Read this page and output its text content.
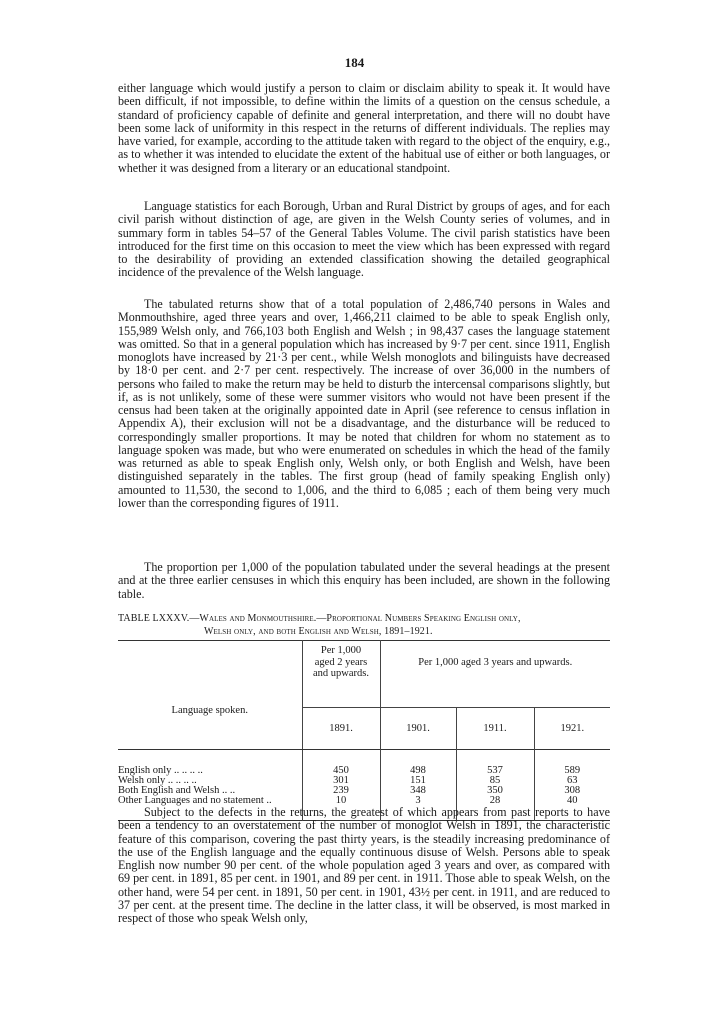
184

either language which would justify a person to claim or disclaim ability to speak it. It would have been difficult, if not impossible, to define within the limits of a question on the census schedule, a standard of proficiency capable of definite and general interpretation, and there will no doubt have been some lack of uniformity in this respect in the returns of different individuals. The replies may have varied, for example, according to the attitude taken with regard to the object of the enquiry, e.g., as to whether it was intended to elucidate the extent of the habitual use of either or both languages, or whether it was designed from a literary or an educational standpoint.

Language statistics for each Borough, Urban and Rural District by groups of ages, and for each civil parish without distinction of age, are given in the Welsh County series of volumes, and in summary form in tables 54–57 of the General Tables Volume. The civil parish statistics have been introduced for the first time on this occasion to meet the view which has been expressed with regard to the desirability of providing an extended classification showing the detailed geographical incidence of the prevalence of the Welsh language.

The tabulated returns show that of a total population of 2,486,740 persons in Wales and Monmouthshire, aged three years and over, 1,466,211 claimed to be able to speak English only, 155,989 Welsh only, and 766,103 both English and Welsh ; in 98,437 cases the language statement was omitted. So that in a general population which has increased by 9·7 per cent. since 1911, English monoglots have increased by 21·3 per cent., while Welsh monoglots and bilinguists have decreased by 18·0 per cent. and 2·7 per cent. respectively. The increase of over 36,000 in the numbers of persons who failed to make the return may be held to disturb the intercensal comparisons slightly, but if, as is not unlikely, some of these were summer visitors who would not have been present if the census had been taken at the originally appointed date in April (see reference to census inflation in Appendix A), their exclusion will not be a disadvantage, and the disturbance will be reduced to correspondingly smaller proportions. It may be noted that children for whom no statement as to language spoken was made, but who were enumerated on schedules in which the head of the family was returned as able to speak English only, Welsh only, or both English and Welsh, have been distinguished separately in the tables. The first group (head of family speaking English only) amounted to 11,530, the second to 1,006, and the third to 6,085 ; each of them being very much lower than the corresponding figures of 1911.

The proportion per 1,000 of the population tabulated under the several headings at the present and at the three earlier censuses in which this enquiry has been included, are shown in the following table.

TABLE LXXXV.—Wales and Monmouthshire.—Proportional Numbers Speaking English only,
Welsh only, and both English and Welsh, 1891–1921.
Language spoken.	Per 1,000 aged 2 years and upwards.	Per 1,000 aged 3 years and upwards.		
	1891.	1901.	1911.	1921.

English only .. .. .. ..	450	498	537	589
Welsh only .. .. .. ..	301	151	85	63
Both English and Welsh .. ..	239	348	350	308
Other Languages and no statement ..	10	3	28	40

Subject to the defects in the returns, the greatest of which appears from past reports to have been a tendency to an overstatement of the number of monoglot Welsh in 1891, the characteristic feature of this comparison, covering the past thirty years, is the steadily increasing predominance of the use of the English language and the equally continuous disuse of Welsh. Persons able to speak English now number 90 per cent. of the whole population aged 3 years and over, as compared with 69 per cent. in 1891, 85 per cent. in 1901, and 89 per cent. in 1911. Those able to speak Welsh, on the other hand, were 54 per cent. in 1891, 50 per cent. in 1901, 43½ per cent. in 1911, and are reduced to 37 per cent. at the present time. The decline in the latter class, it will be observed, is most marked in respect of those who speak Welsh only,
